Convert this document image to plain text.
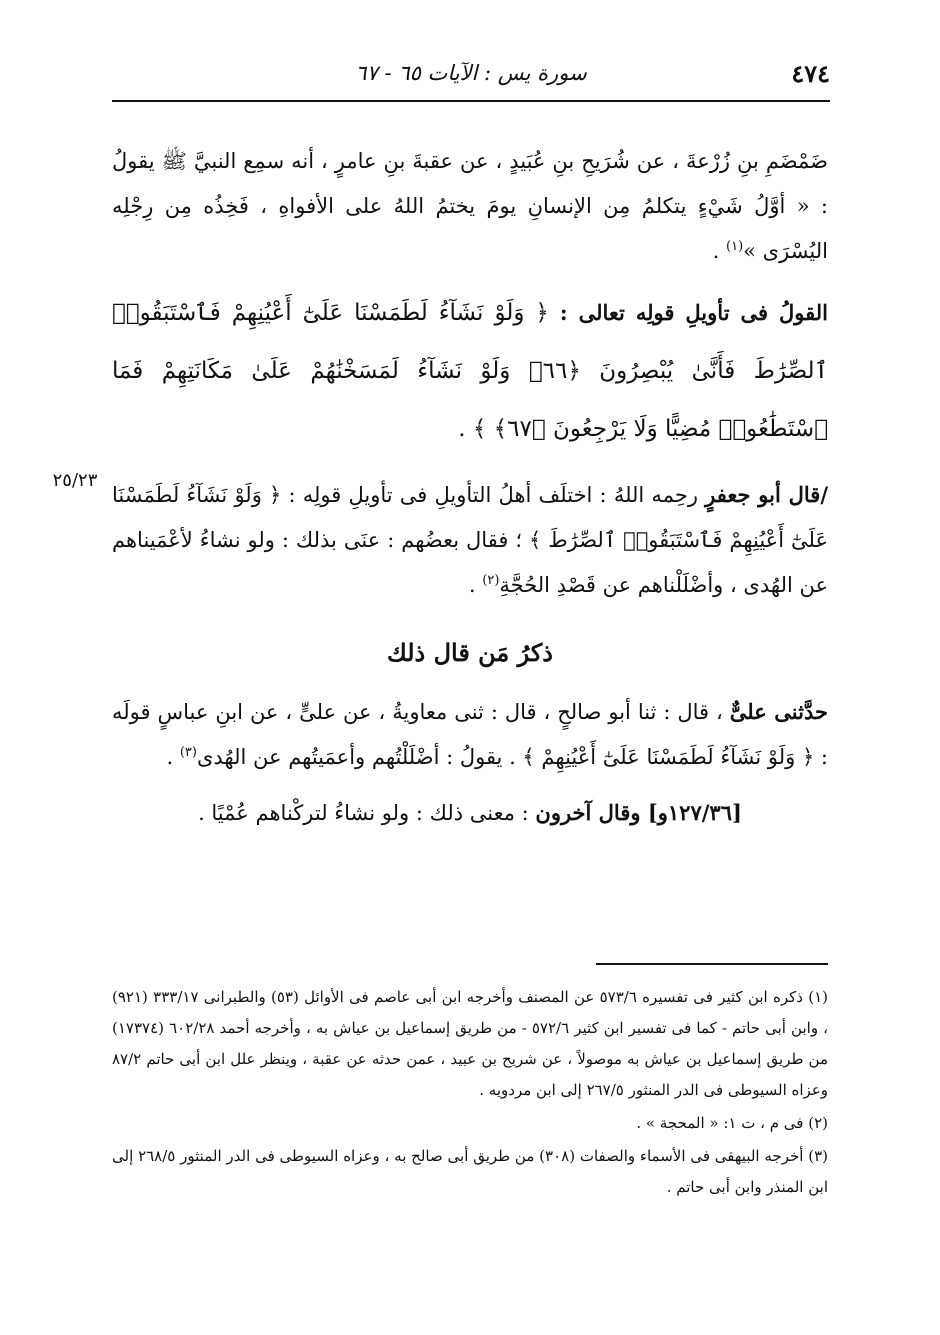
٤٧٤
سورة يس : الآيات ٦٥ - ٦٧
٢٥/٢٣

ضَمْضَمِ بنِ زُرْعةَ ، عن شُرَيحِ بنِ عُبَيدٍ ، عن عقبةَ بنِ عامرٍ ، أنه سمِع النبيَّ ﷺ يقولُ : « أوَّلُ شَيْءٍ يتكلمُ مِن الإنسانِ يومَ يختمُ اللهُ على الأفواهِ ، فَخِذُه مِن رِجْلِه اليُسْرَى »$^{(١)}$ .

القولُ فى تأويلِ قولِه تعالى : ﴿ وَلَوْ نَشَآءُ لَطَمَسْنَا عَلَىٰٓ أَعْيُنِهِمْ فَٱسْتَبَقُوا۟ ٱلصِّرَٰطَ فَأَنَّىٰ يُبْصِرُونَ ﴿٦٦﴾ وَلَوْ نَشَآءُ لَمَسَخْنَٰهُمْ عَلَىٰ مَكَانَتِهِمْ فَمَا ٱسْتَطَٰعُوا۟ مُضِيًّا وَلَا يَرْجِعُونَ ﴿٦٧﴾ ﴾ .

/قال أبو جعفرٍ رحِمه اللهُ : اختلَف أهلُ التأويلِ فى تأويلِ قولِه : ﴿ وَلَوْ نَشَآءُ لَطَمَسْنَا عَلَىٰٓ أَعْيُنِهِمْ فَٱسْتَبَقُوا۟ ٱلصِّرَٰطَ ﴾ ؛ فقال بعضُهم : عنَى بذلك : ولو نشاءُ لأعْمَيناهم عن الهُدى ، وأضْلَلْناهم عن قَصْدِ الحُجَّةِ$^{(٢)}$ .

ذكرُ مَن قال ذلك

حدَّثنى علىٌّ ، قال : ثنا أبو صالحٍ ، قال : ثنى معاويةُ ، عن علىٍّ ، عن ابنِ عباسٍ قولَه : ﴿ وَلَوْ نَشَآءُ لَطَمَسْنَا عَلَىٰٓ أَعْيُنِهِمْ ﴾ . يقولُ : أضْلَلْتُهم وأعمَيتُهم عن الهُدى$^{(٣)}$ .

[١٢٧/٣٦و] وقال آخرون : معنى ذلك : ولو نشاءُ لتركْناهم عُمْيًا .

(١) ذكره ابن كثير فى تفسيره ٥٧٣/٦ عن المصنف وأخرجه ابن أبى عاصم فى الأوائل (٥٣) والطبرانى ٣٣٣/١٧ (٩٢١) ، وابن أبى حاتم - كما فى تفسير ابن كثير ٥٧٢/٦ - من طريق إسماعيل بن عياش به ، وأخرجه أحمد ٦٠٢/٢٨ (١٧٣٧٤) من طريق إسماعيل بن عياش به موصولاً ، عن شريح بن عبيد ، عمن حدثه عن عقبة ، وينظر علل ابن أبى حاتم ٨٧/٢ وعزاه السيوطى فى الدر المنثور ٢٦٧/٥ إلى ابن مردويه .

(٢) فى م ، ت ١: « المحجة » .

(٣) أخرجه البيهقى فى الأسماء والصفات (٣٠٨) من طريق أبى صالح به ، وعزاه السيوطى فى الدر المنثور ٢٦٨/٥ إلى ابن المنذر وابن أبى حاتم .
